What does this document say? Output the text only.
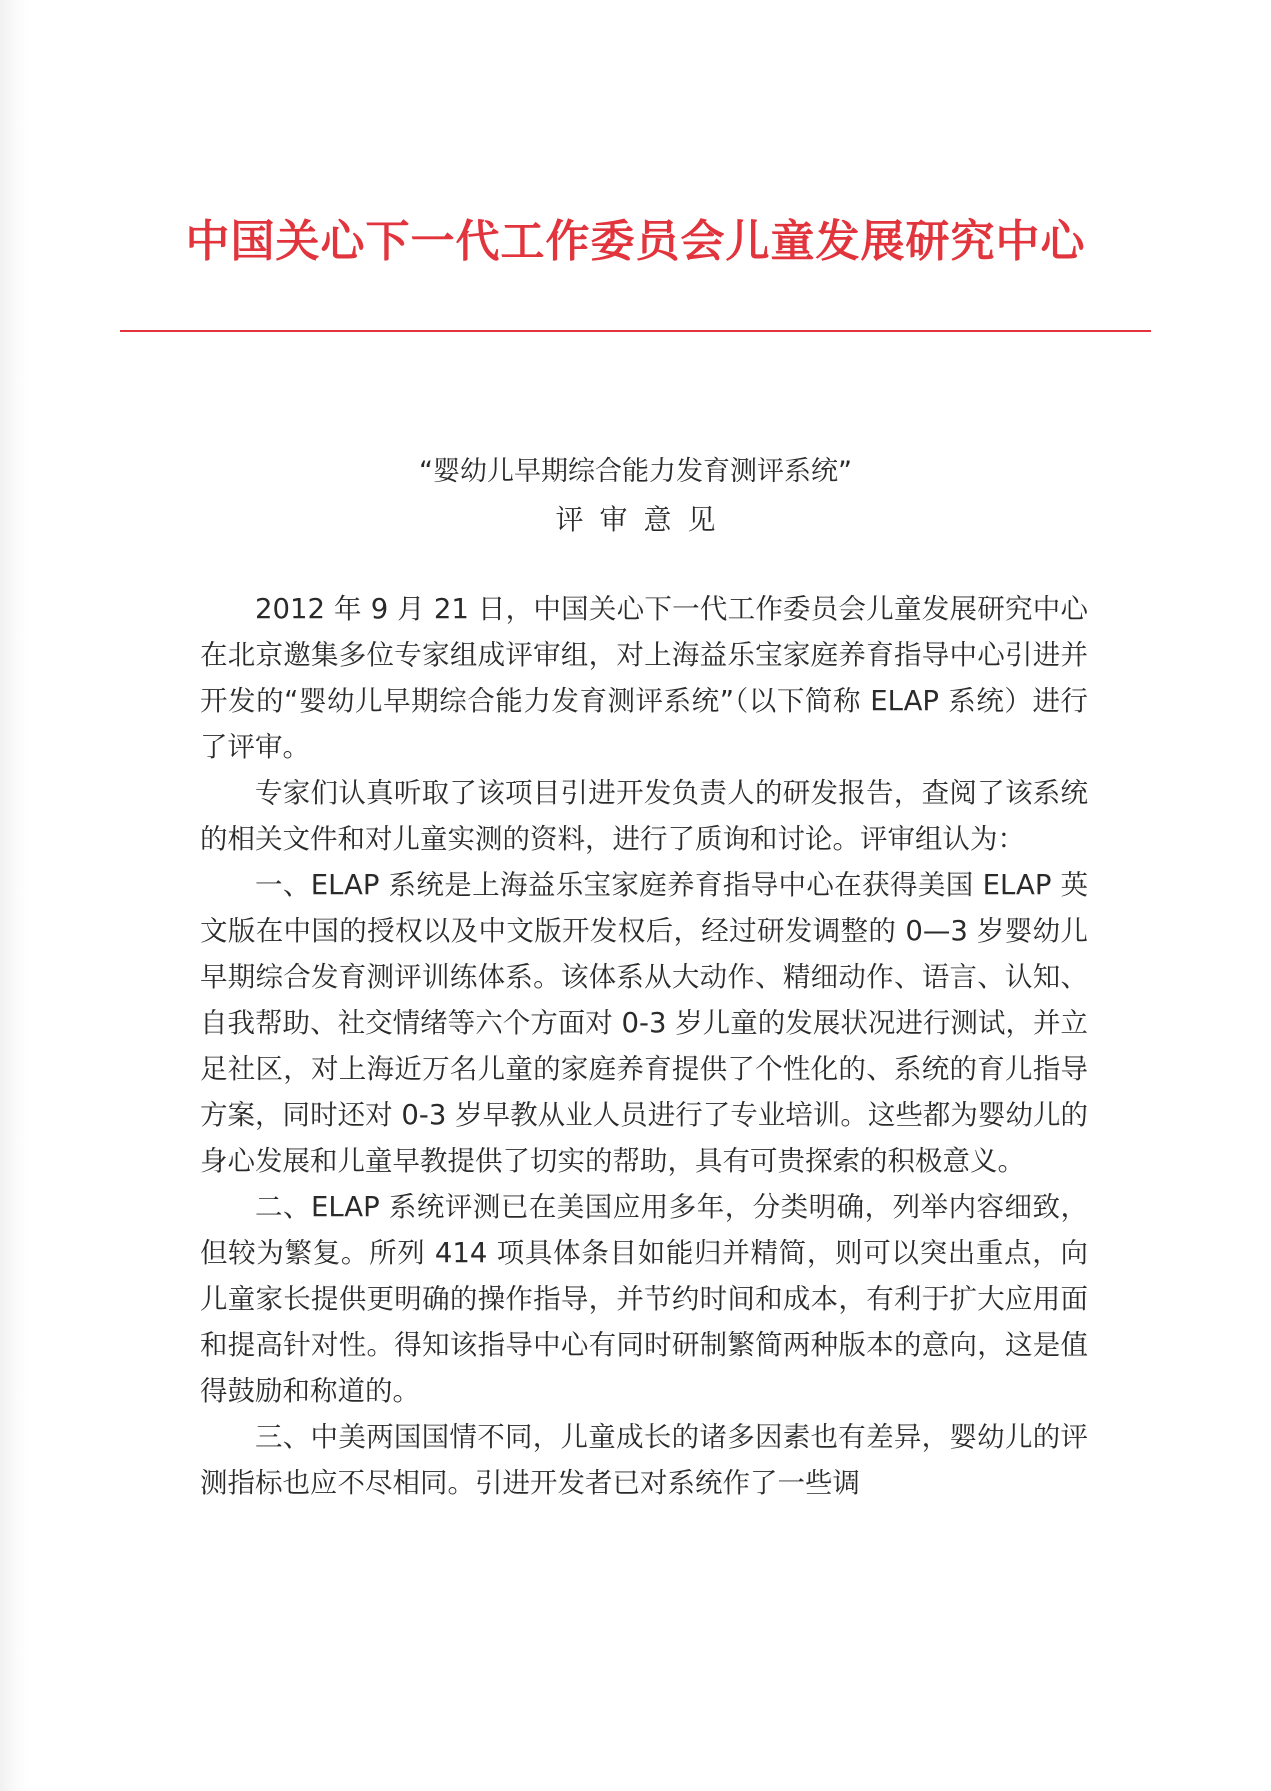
中国关心下一代工作委员会儿童发展研究中心
“婴幼儿早期综合能力发育测评系统”
评审意见

2012 年 9 月 21 日，中国关心下一代工作委员会儿童发展研究中心在北京邀集多位专家组成评审组，对上海益乐宝家庭养育指导中心引进并开发的“婴幼儿早期综合能力发育测评系统”（以下简称 ELAP 系统）进行了评审。

专家们认真听取了该项目引进开发负责人的研发报告，查阅了该系统的相关文件和对儿童实测的资料，进行了质询和讨论。评审组认为：

一、ELAP 系统是上海益乐宝家庭养育指导中心在获得美国 ELAP 英文版在中国的授权以及中文版开发权后，经过研发调整的 0—3 岁婴幼儿早期综合发育测评训练体系。该体系从大动作、精细动作、语言、认知、自我帮助、社交情绪等六个方面对 0-3 岁儿童的发展状况进行测试，并立足社区，对上海近万名儿童的家庭养育提供了个性化的、系统的育儿指导方案，同时还对 0-3 岁早教从业人员进行了专业培训。这些都为婴幼儿的身心发展和儿童早教提供了切实的帮助，具有可贵探索的积极意义。

二、ELAP 系统评测已在美国应用多年，分类明确，列举内容细致，但较为繁复。所列 414 项具体条目如能归并精简，则可以突出重点，向儿童家长提供更明确的操作指导，并节约时间和成本，有利于扩大应用面和提高针对性。得知该指导中心有同时研制繁简两种版本的意向，这是值得鼓励和称道的。

三、中美两国国情不同，儿童成长的诸多因素也有差异，婴幼儿的评测指标也应不尽相同。引进开发者已对系统作了一些调
